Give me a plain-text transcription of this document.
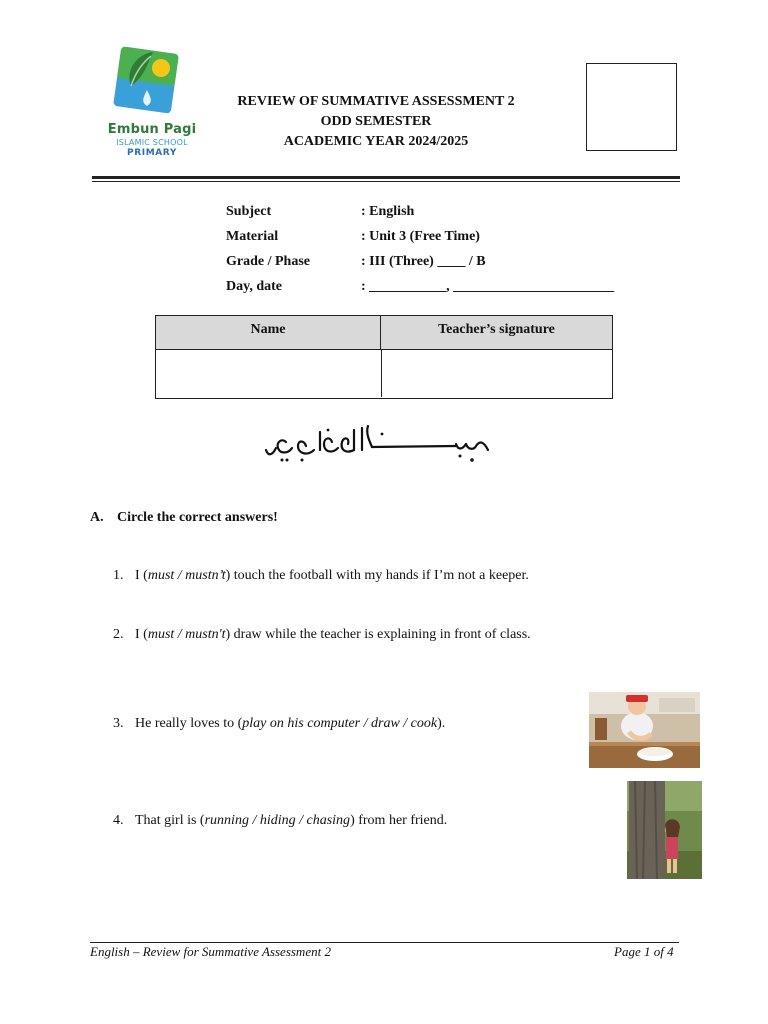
Embun Pagi
ISLAMIC SCHOOL
PRIMARY
REVIEW OF SUMMATIVE ASSESSMENT 2
ODD SEMESTER
ACADEMIC YEAR 2024/2025
Subject	: English
Material	: Unit 3 (Free Time)
Grade / Phase	: III (Three) ____ / B
Day, date	: ___________, _______________________
Name	Teacher’s signature
A. Circle the correct answers!
1. I (must / mustn’t) touch the football with my hands if I’m not a keeper.
2. I (must / mustn't) draw while the teacher is explaining in front of class.
3. He really loves to (play on his computer / draw / cook).
4. That girl is (running / hiding / chasing) from her friend.
English – Review for Summative Assessment 2	Page 1 of 4
